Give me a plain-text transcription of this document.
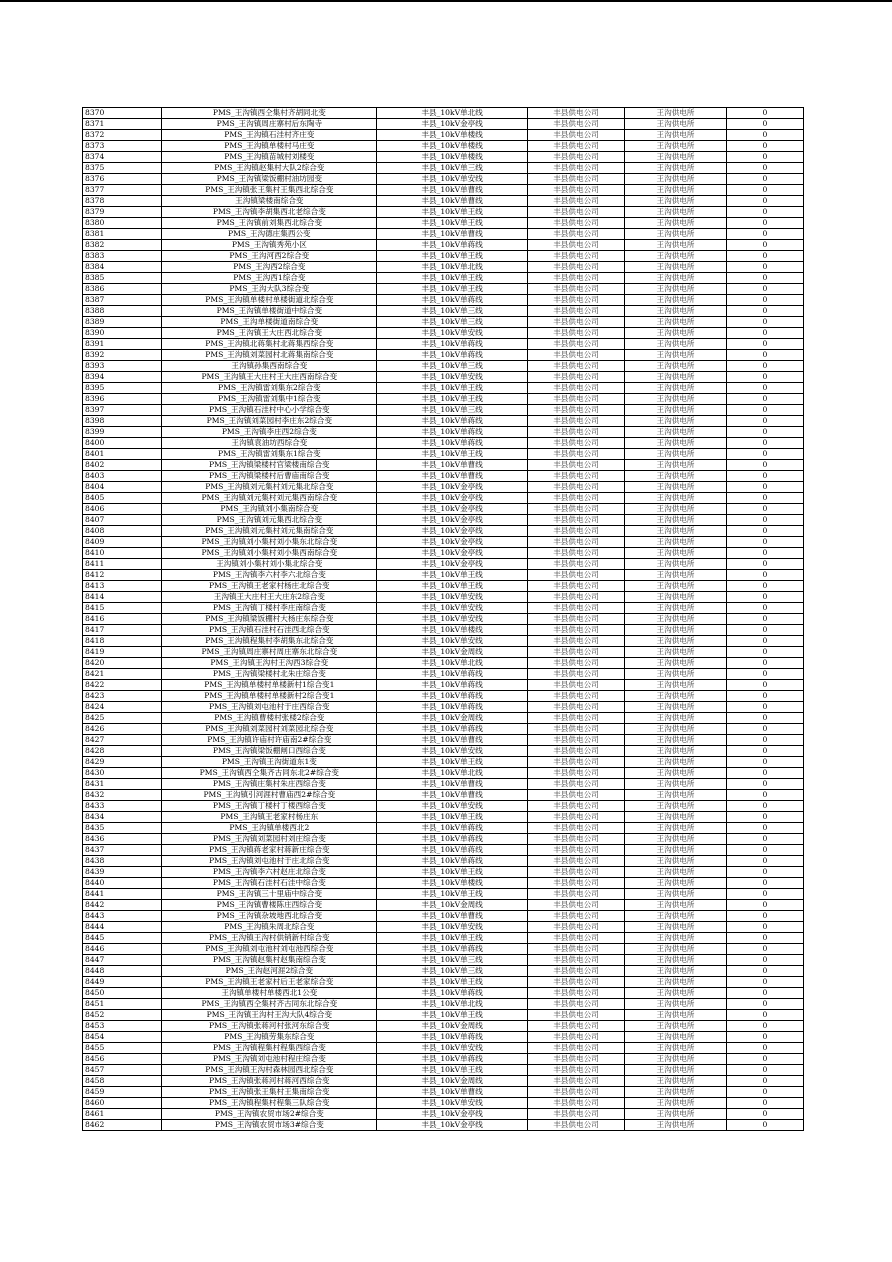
8370	PMS_王沟镇西仝集村齐胡同北变	丰县_10kV单北线	丰县供电公司	王沟供电所	0
8371	PMS_王沟镇周庄寨村后东陶寺	丰县_10kV金亭线	丰县供电公司	王沟供电所	0
8372	PMS_王沟镇石洼村齐庄变	丰县_10kV单楼线	丰县供电公司	王沟供电所	0
8373	PMS_王沟镇单楼村马庄变	丰县_10kV单楼线	丰县供电公司	王沟供电所	0
8374	PMS_王沟镇苗城村刘楼变	丰县_10kV单楼线	丰县供电公司	王沟供电所	0
8375	PMS_王沟镇赵集村大队2综合变	丰县_10kV单三线	丰县供电公司	王沟供电所	0
8376	PMS_王沟镇梁饭棚村油坊园变	丰县_10kV单安线	丰县供电公司	王沟供电所	0
8377	PMS_王沟镇张王集村王集西北综合变	丰县_10kV单曹线	丰县供电公司	王沟供电所	0
8378	王沟镇梁楼南综合变	丰县_10kV单曹线	丰县供电公司	王沟供电所	0
8379	PMS_王沟镇李胡集西北老综合变	丰县_10kV单王线	丰县供电公司	王沟供电所	0
8380	PMS_王沟镇前刘集西北综合变	丰县_10kV单王线	丰县供电公司	王沟供电所	0
8381	PMS_王沟德庄集西公变	丰县_10kV单曹线	丰县供电公司	王沟供电所	0
8382	PMS_王沟镇秀苑小区	丰县_10kV单蒋线	丰县供电公司	王沟供电所	0
8383	PMS_王沟河西2综合变	丰县_10kV单王线	丰县供电公司	王沟供电所	0
8384	PMS_王沟西2综合变	丰县_10kV单北线	丰县供电公司	王沟供电所	0
8385	PMS_王沟西1综合变	丰县_10kV单王线	丰县供电公司	王沟供电所	0
8386	PMS_王沟大队3综合变	丰县_10kV单王线	丰县供电公司	王沟供电所	0
8387	PMS_王沟镇单楼村单楼街道北综合变	丰县_10kV单蒋线	丰县供电公司	王沟供电所	0
8388	PMS_王沟镇单楼街道中综合变	丰县_10kV单三线	丰县供电公司	王沟供电所	0
8389	PMS_王沟单楼街道南综合变	丰县_10kV单三线	丰县供电公司	王沟供电所	0
8390	PMS_王沟镇王大庄西北综合变	丰县_10kV单安线	丰县供电公司	王沟供电所	0
8391	PMS_王沟镇北蒋集村北蒋集西综合变	丰县_10kV单蒋线	丰县供电公司	王沟供电所	0
8392	PMS_王沟镇刘菜园村北蒋集南综合变	丰县_10kV单蒋线	丰县供电公司	王沟供电所	0
8393	王沟镇孙集西南综合变	丰县_10kV单三线	丰县供电公司	王沟供电所	0
8394	PMS_王沟镇王大庄村王大庄西南综合变	丰县_10kV单安线	丰县供电公司	王沟供电所	0
8395	PMS_王沟镇雷刘集东2综合变	丰县_10kV单王线	丰县供电公司	王沟供电所	0
8396	PMS_王沟镇雷刘集中1综合变	丰县_10kV单王线	丰县供电公司	王沟供电所	0
8397	PMS_王沟镇石洼村中心小学综合变	丰县_10kV单三线	丰县供电公司	王沟供电所	0
8398	PMS_王沟镇刘菜园村李庄东2综合变	丰县_10kV单蒋线	丰县供电公司	王沟供电所	0
8399	PMS_王沟镇李庄西2综合变	丰县_10kV单蒋线	丰县供电公司	王沟供电所	0
8400	王沟镇袁油坊西综合变	丰县_10kV单蒋线	丰县供电公司	王沟供电所	0
8401	PMS_王沟镇雷刘集东1综合变	丰县_10kV单王线	丰县供电公司	王沟供电所	0
8402	PMS_王沟镇梁楼村官梁楼南综合变	丰县_10kV单曹线	丰县供电公司	王沟供电所	0
8403	PMS_王沟镇梁楼村后曹庙南综合变	丰县_10kV单曹线	丰县供电公司	王沟供电所	0
8404	PMS_王沟镇刘元集村刘元集北综合变	丰县_10kV金亭线	丰县供电公司	王沟供电所	0
8405	PMS_王沟镇刘元集村刘元集西南综合变	丰县_10kV金亭线	丰县供电公司	王沟供电所	0
8406	PMS_王沟镇刘小集南综合变	丰县_10kV金亭线	丰县供电公司	王沟供电所	0
8407	PMS_王沟镇刘元集西北综合变	丰县_10kV金亭线	丰县供电公司	王沟供电所	0
8408	PMS_王沟镇刘元集村刘元集南综合变	丰县_10kV金亭线	丰县供电公司	王沟供电所	0
8409	PMS_王沟镇刘小集村刘小集东北综合变	丰县_10kV金亭线	丰县供电公司	王沟供电所	0
8410	PMS_王沟镇刘小集村刘小集西南综合变	丰县_10kV金亭线	丰县供电公司	王沟供电所	0
8411	王沟镇刘小集村刘小集北综合变	丰县_10kV金亭线	丰县供电公司	王沟供电所	0
8412	PMS_王沟镇李六村李六北综合变	丰县_10kV单王线	丰县供电公司	王沟供电所	0
8413	PMS_王沟镇王老家村杨庄北综合变	丰县_10kV单王线	丰县供电公司	王沟供电所	0
8414	王沟镇王大庄村王大庄东2综合变	丰县_10kV单安线	丰县供电公司	王沟供电所	0
8415	PMS_王沟镇丁楼村李庄南综合变	丰县_10kV单安线	丰县供电公司	王沟供电所	0
8416	PMS_王沟镇梁饭棚村大杨庄东综合变	丰县_10kV单安线	丰县供电公司	王沟供电所	0
8417	PMS_王沟镇石洼村石洼西北综合变	丰县_10kV单楼线	丰县供电公司	王沟供电所	0
8418	PMS_王沟镇程集村李胡集东北综合变	丰县_10kV单安线	丰县供电公司	王沟供电所	0
8419	PMS_王沟镇周庄寨村周庄寨东北综合变	丰县_10kV金周线	丰县供电公司	王沟供电所	0
8420	PMS_王沟镇王沟村王沟西3综合变	丰县_10kV单北线	丰县供电公司	王沟供电所	0
8421	PMS_王沟镇梁楼村北朱庄综合变	丰县_10kV单蒋线	丰县供电公司	王沟供电所	0
8422	PMS_王沟镇单楼村单楼新村1综合变1	丰县_10kV单蒋线	丰县供电公司	王沟供电所	0
8423	PMS_王沟镇单楼村单楼新村2综合变1	丰县_10kV单蒋线	丰县供电公司	王沟供电所	0
8424	PMS_王沟镇刘屯池村于庄西综合变	丰县_10kV单蒋线	丰县供电公司	王沟供电所	0
8425	PMS_王沟镇曹楼村张楼2综合变	丰县_10kV金周线	丰县供电公司	王沟供电所	0
8426	PMS_王沟镇刘菜园村刘菜园北综合变	丰县_10kV单蒋线	丰县供电公司	王沟供电所	0
8427	PMS_王沟镇许庙村许庙南2#综合变	丰县_10kV单曹线	丰县供电公司	王沟供电所	0
8428	PMS_王沟镇梁饭棚闸口西综合变	丰县_10kV单安线	丰县供电公司	王沟供电所	0
8429	PMS_王沟镇王沟街道东1变	丰县_10kV单王线	丰县供电公司	王沟供电所	0
8430	PMS_王沟镇西仝集齐古同东北2#综合变	丰县_10kV单北线	丰县供电公司	王沟供电所	0
8431	PMS_王沟镇庄集村朱庄西综合变	丰县_10kV单曹线	丰县供电公司	王沟供电所	0
8432	PMS_王沟镇引河涯村曹庙西2#综合变	丰县_10kV单曹线	丰县供电公司	王沟供电所	0
8433	PMS_王沟镇丁楼村丁楼西综合变	丰县_10kV单安线	丰县供电公司	王沟供电所	0
8434	PMS_王沟镇王老家村杨庄东	丰县_10kV单王线	丰县供电公司	王沟供电所	0
8435	PMS_王沟镇单楼西北2	丰县_10kV单蒋线	丰县供电公司	王沟供电所	0
8436	PMS_王沟镇刘菜园村刘庄综合变	丰县_10kV单蒋线	丰县供电公司	王沟供电所	0
8437	PMS_王沟镇蒋老家村蒋新庄综合变	丰县_10kV单蒋线	丰县供电公司	王沟供电所	0
8438	PMS_王沟镇刘屯池村于庄北综合变	丰县_10kV单蒋线	丰县供电公司	王沟供电所	0
8439	PMS_王沟镇李六村赵庄北综合变	丰县_10kV单王线	丰县供电公司	王沟供电所	0
8440	PMS_王沟镇石洼村石洼中综合变	丰县_10kV单楼线	丰县供电公司	王沟供电所	0
8441	PMS_王沟镇三十里庙中综合变	丰县_10kV单王线	丰县供电公司	王沟供电所	0
8442	PMS_王沟镇曹楼陈庄西综合变	丰县_10kV金周线	丰县供电公司	王沟供电所	0
8443	PMS_王沟镇杂坡地西北综合变	丰县_10kV单曹线	丰县供电公司	王沟供电所	0
8444	PMS_王沟镇朱周北综合变	丰县_10kV单安线	丰县供电公司	王沟供电所	0
8445	PMS_王沟镇王沟村供销新村综合变	丰县_10kV单王线	丰县供电公司	王沟供电所	0
8446	PMS_王沟镇刘屯池村刘屯池西综合变	丰县_10kV单蒋线	丰县供电公司	王沟供电所	0
8447	PMS_王沟镇赵集村赵集南综合变	丰县_10kV单三线	丰县供电公司	王沟供电所	0
8448	PMS_王沟赵河涯2综合变	丰县_10kV单三线	丰县供电公司	王沟供电所	0
8449	PMS_王沟镇王老家村后王老家综合变	丰县_10kV单王线	丰县供电公司	王沟供电所	0
8450	王沟镇单楼村单楼西北1公变	丰县_10kV单蒋线	丰县供电公司	王沟供电所	0
8451	PMS_王沟镇西仝集村齐古同东北综合变	丰县_10kV单北线	丰县供电公司	王沟供电所	0
8452	PMS_王沟镇王沟村王沟大队4综合变	丰县_10kV单王线	丰县供电公司	王沟供电所	0
8453	PMS_王沟镇张蒋河村张河东综合变	丰县_10kV金周线	丰县供电公司	王沟供电所	0
8454	PMS_王沟镇劳集东综合变	丰县_10kV单蒋线	丰县供电公司	王沟供电所	0
8455	PMS_王沟镇程集村程集西综合变	丰县_10kV单安线	丰县供电公司	王沟供电所	0
8456	PMS_王沟镇刘屯池村程庄综合变	丰县_10kV单蒋线	丰县供电公司	王沟供电所	0
8457	PMS_王沟镇王沟村森林园西北综合变	丰县_10kV单王线	丰县供电公司	王沟供电所	0
8458	PMS_王沟镇张蒋河村蒋河西综合变	丰县_10kV金周线	丰县供电公司	王沟供电所	0
8459	PMS_王沟镇张王集村王集南综合变	丰县_10kV单曹线	丰县供电公司	王沟供电所	0
8460	PMS_王沟镇程集村程集三队综合变	丰县_10kV单安线	丰县供电公司	王沟供电所	0
8461	PMS_王沟镇农贸市场2#综合变	丰县_10kV金亭线	丰县供电公司	王沟供电所	0
8462	PMS_王沟镇农贸市场3#综合变	丰县_10kV金亭线	丰县供电公司	王沟供电所	0
